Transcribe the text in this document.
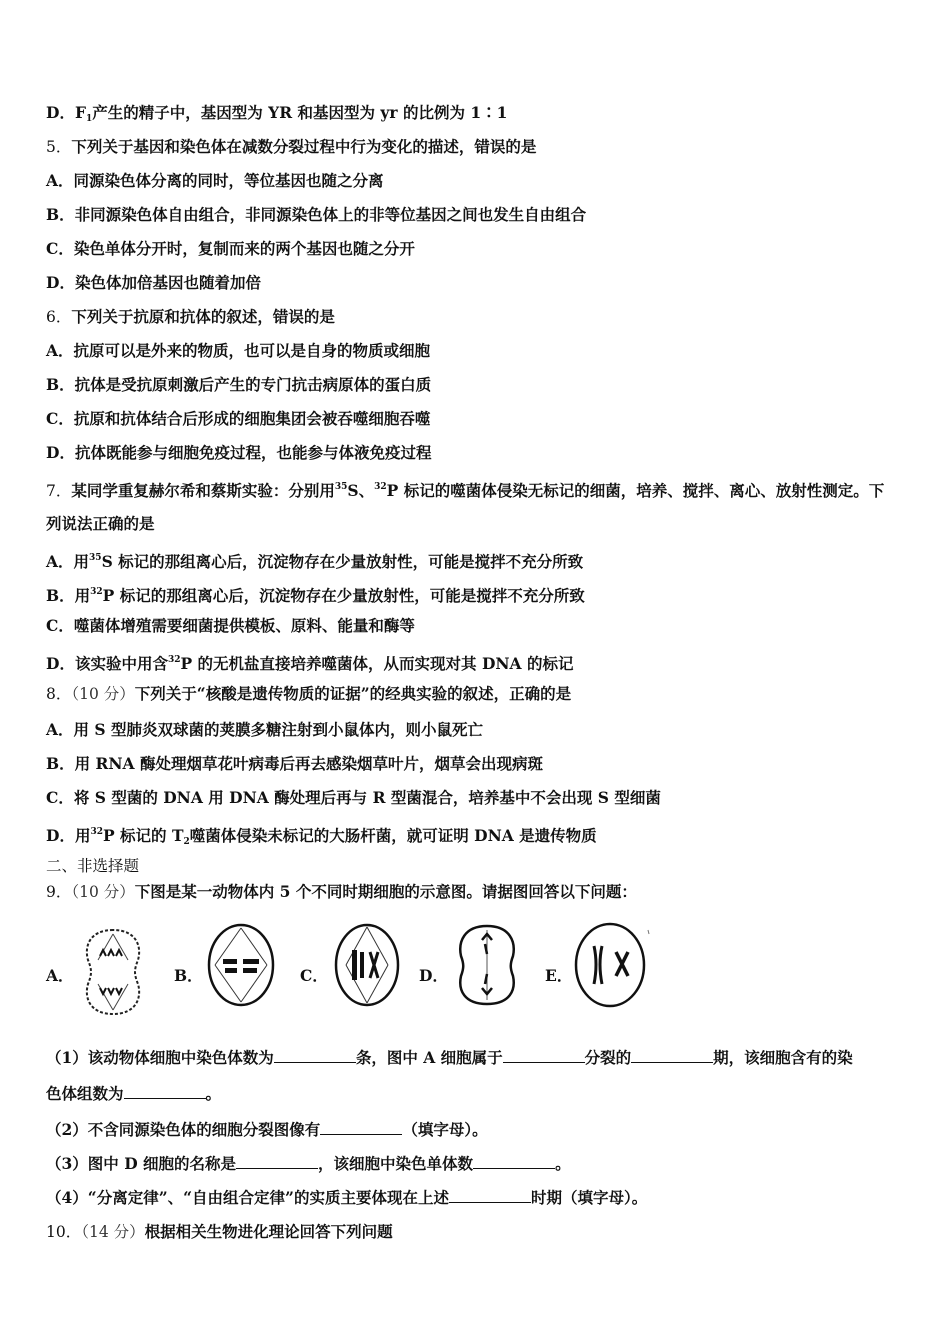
D．$F_1$产生的精子中，基因型为 YR 和基因型为 yr 的比例为 1∶1
5．下列关于基因和染色体在减数分裂过程中行为变化的描述，错误的是
A．同源染色体分离的同时，等位基因也随之分离
B．非同源染色体自由组合，非同源染色体上的非等位基因之间也发生自由组合
C．染色单体分开时，复制而来的两个基因也随之分开
D．染色体加倍基因也随着加倍
6．下列关于抗原和抗体的叙述，错误的是
A．抗原可以是外来的物质，也可以是自身的物质或细胞
B．抗体是受抗原刺激后产生的专门抗击病原体的蛋白质
C．抗原和抗体结合后形成的细胞集团会被吞噬细胞吞噬
D．抗体既能参与细胞免疫过程，也能参与体液免疫过程
7．某同学重复赫尔希和蔡斯实验：分别用$^{35}$S、$^{32}$P 标记的噬菌体侵染无标记的细菌，培养、搅拌、离心、放射性测定。下
列说法正确的是
A．用$^{35}$S 标记的那组离心后，沉淀物存在少量放射性，可能是搅拌不充分所致
B．用$^{32}$P 标记的那组离心后，沉淀物存在少量放射性，可能是搅拌不充分所致
C．噬菌体增殖需要细菌提供模板、原料、能量和酶等
D．该实验中用含$^{32}$P 的无机盐直接培养噬菌体，从而实现对其 DNA 的标记
8．（10 分）下列关于“核酸是遗传物质的证据”的经典实验的叙述，正确的是
A．用 S 型肺炎双球菌的荚膜多糖注射到小鼠体内，则小鼠死亡
B．用 RNA 酶处理烟草花叶病毒后再去感染烟草叶片，烟草会出现病斑
C．将 S 型菌的 DNA 用 DNA 酶处理后再与 R 型菌混合，培养基中不会出现 S 型细菌
D．用$^{32}$P 标记的 $T_2$噬菌体侵染未标记的大肠杆菌，就可证明 DNA 是遗传物质
二、非选择题
9．（10 分）下图是某一动物体内 5 个不同时期细胞的示意图。请据图回答以下问题：
A．	B．	C．	D．	E．
（1）该动物体细胞中染色体数为	条，图中 A 细胞属于	分裂的	期，该细胞含有的染
色体组数为	。
（2）不含同源染色体的细胞分裂图像有	（填字母）。
（3）图中 D 细胞的名称是	，该细胞中染色单体数	。
（4）“分离定律”、“自由组合定律”的实质主要体现在上述	时期（填字母）。
10．（14 分）根据相关生物进化理论回答下列问题
